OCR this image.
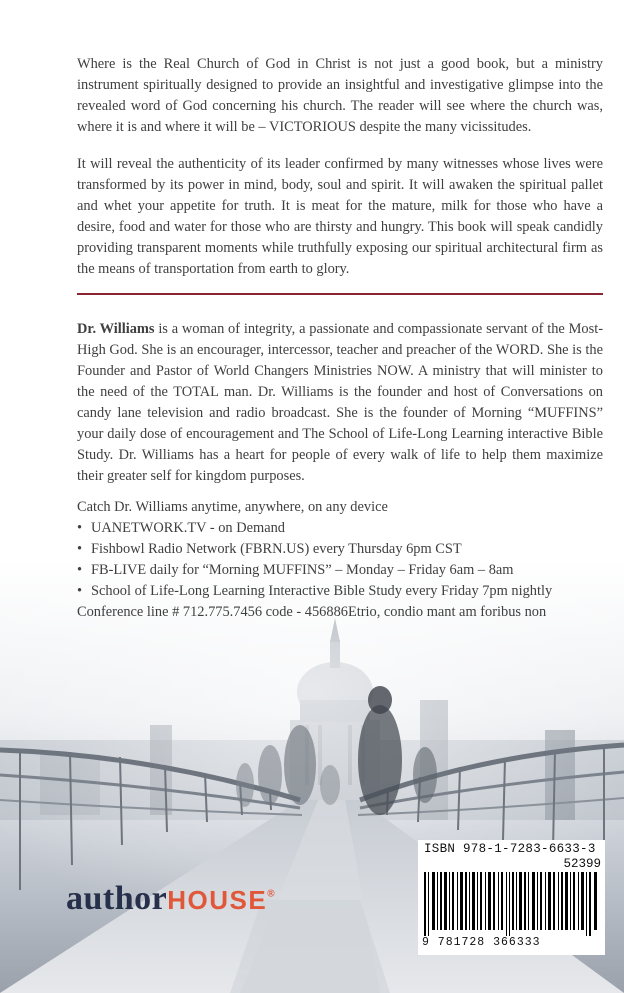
Where is the Real Church of God in Christ is not just a good book, but a ministry instrument spiritually designed to provide an insightful and investigative glimpse into the revealed word of God concerning his church. The reader will see where the church was, where it is and where it will be – VICTORIOUS despite the many vicissitudes.

It will reveal the authenticity of its leader confirmed by many witnesses whose lives were transformed by its power in mind, body, soul and spirit. It will awaken the spiritual pallet and whet your appetite for truth. It is meat for the mature, milk for those who have a desire, food and water for those who are thirsty and hungry. This book will speak candidly providing transparent moments while truthfully exposing our spiritual architectural firm as the means of transportation from earth to glory.

Dr. Williams is a woman of integrity, a passionate and compassionate servant of the Most-High God. She is an encourager, intercessor, teacher and preacher of the WORD. She is the Founder and Pastor of World Changers Ministries NOW. A ministry that will minister to the need of the TOTAL man. Dr. Williams is the founder and host of Conversations on candy lane television and radio broadcast. She is the founder of Morning “MUFFINS” your daily dose of encouragement and The School of Life-Long Learning interactive Bible Study. Dr. Williams has a heart for people of every walk of life to help them maximize their greater self for kingdom purposes.

Catch Dr. Williams anytime, anywhere, on any device

• UANETWORK.TV - on Demand
• Fishbowl Radio Network (FBRN.US) every Thursday 6pm CST
• FB-LIVE daily for “Morning MUFFINS” – Monday – Friday 6am – 8am
• School of Life-Long Learning Interactive Bible Study every Friday 7pm nightly

Conference line # 712.775.7456 code - 456886Etrio, condio mant am foribus non

authorHOUSE®
ISBN 978-1-7283-6633-3
52399
9 781728 366333
